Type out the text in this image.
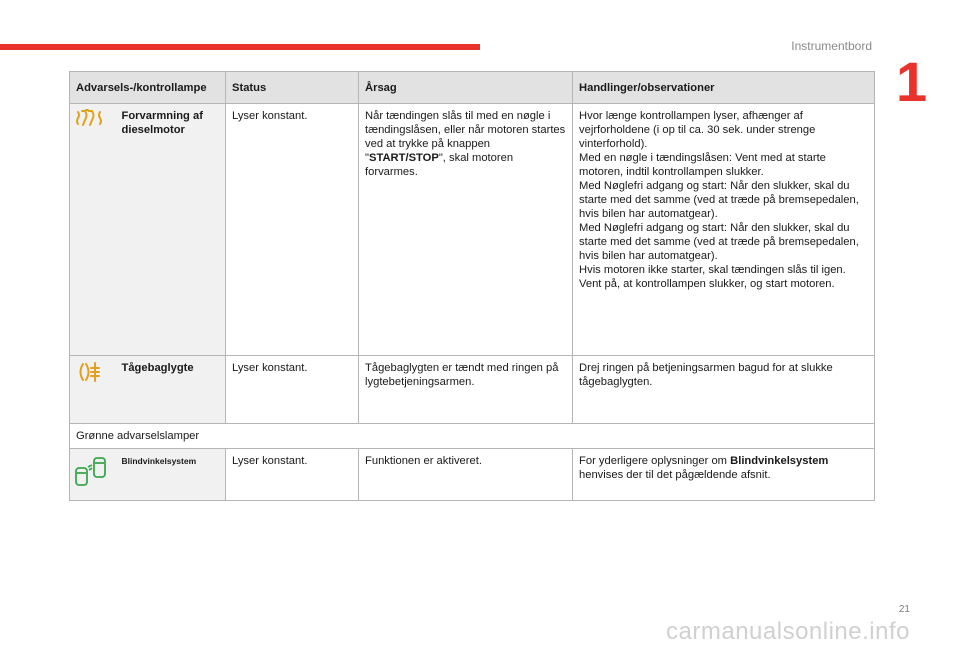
Instrumentbord
1
Advarsels-/kontrollampe		Status	Årsag	Handlinger/observationer
	Forvarmning af dieselmotor	Lyser konstant.	Når tændingen slås til med en nøgle i tændingslåsen, eller når motoren startes ved at trykke på knappen "START/STOP", skal motoren forvarmes.	Hvor længe kontrollampen lyser, afhænger af vejrforholdene (i op til ca. 30 sek. under strenge vinterforhold).
Med en nøgle i tændingslåsen: Vent med at starte motoren, indtil kontrollampen slukker.
Med Nøglefri adgang og start: Når den slukker, skal du starte med det samme (ved at træde på bremsepedalen, hvis bilen har automatgear).
Med Nøglefri adgang og start: Når den slukker, skal du starte med det samme (ved at træde på bremsepedalen, hvis bilen har automatgear).
Hvis motoren ikke starter, skal tændingen slås til igen. Vent på, at kontrollampen slukker, og start motoren.

	Tågebaglygte	Lyser konstant.	Tågebaglygten er tændt med ringen på lygtebetjeningsarmen.	Drej ringen på betjeningsarmen bagud for at slukke tågebaglygten.
Grønne advarselslamper				
	Blindvinkelsystem	Lyser konstant.	Funktionen er aktiveret.	For yderligere oplysninger om Blindvinkelsystem henvises der til det pågældende afsnit.
21
carmanualsonline.info
